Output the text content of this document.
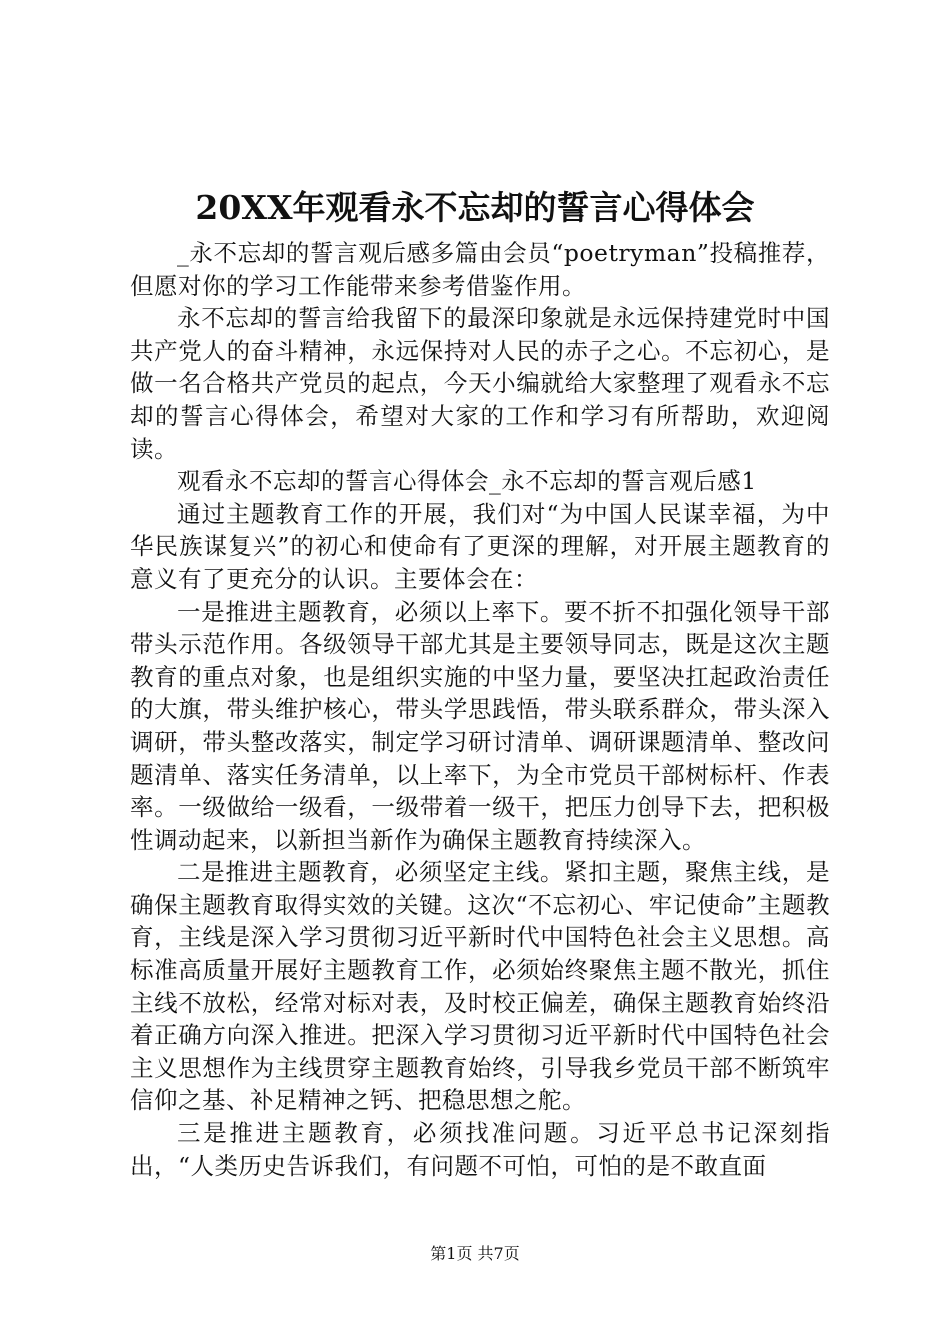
20XX年观看永不忘却的誓言心得体会

_永不忘却的誓言观后感多篇由会员“poetryman”投稿推荐，但愿对你的学习工作能带来参考借鉴作用。

永不忘却的誓言给我留下的最深印象就是永远保持建党时中国共产党人的奋斗精神，永远保持对人民的赤子之心。不忘初心，是做一名合格共产党员的起点，今天小编就给大家整理了观看永不忘却的誓言心得体会，希望对大家的工作和学习有所帮助，欢迎阅读。

观看永不忘却的誓言心得体会_永不忘却的誓言观后感1

通过主题教育工作的开展，我们对“为中国人民谋幸福，为中华民族谋复兴”的初心和使命有了更深的理解，对开展主题教育的意义有了更充分的认识。主要体会在：

一是推进主题教育，必须以上率下。要不折不扣强化领导干部带头示范作用。各级领导干部尤其是主要领导同志，既是这次主题教育的重点对象，也是组织实施的中坚力量，要坚决扛起政治责任的大旗，带头维护核心，带头学思践悟，带头联系群众，带头深入调研，带头整改落实，制定学习研讨清单、调研课题清单、整改问题清单、落实任务清单，以上率下，为全市党员干部树标杆、作表率。一级做给一级看，一级带着一级干，把压力创导下去，把积极性调动起来，以新担当新作为确保主题教育持续深入。

二是推进主题教育，必须坚定主线。紧扣主题，聚焦主线，是确保主题教育取得实效的关键。这次“不忘初心、牢记使命”主题教育，主线是深入学习贯彻习近平新时代中国特色社会主义思想。高标准高质量开展好主题教育工作，必须始终聚焦主题不散光，抓住主线不放松，经常对标对表，及时校正偏差，确保主题教育始终沿着正确方向深入推进。把深入学习贯彻习近平新时代中国特色社会主义思想作为主线贯穿主题教育始终，引导我乡党员干部不断筑牢信仰之基、补足精神之钙、把稳思想之舵。

三是推进主题教育，必须找准问题。习近平总书记深刻指出，“人类历史告诉我们，有问题不可怕，可怕的是不敢直面

第1页 共7页
